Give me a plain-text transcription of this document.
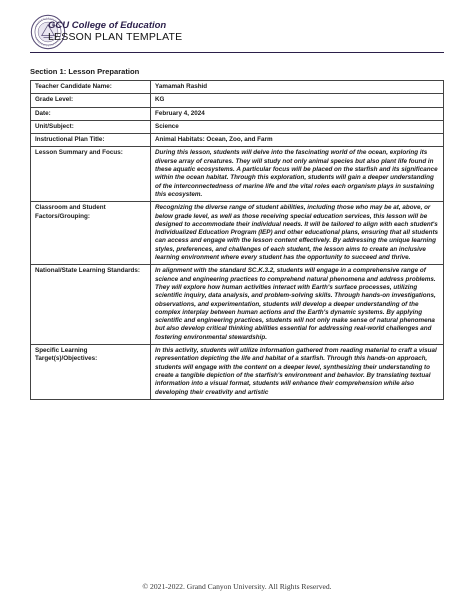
GCU College of Education
LESSON PLAN TEMPLATE
Section 1: Lesson Preparation
Teacher Candidate Name:	Yamamah Rashid
Grade Level:	KG
Date:	February 4, 2024
Unit/Subject:	Science
Instructional Plan Title:	Animal Habitats: Ocean, Zoo, and Farm
Lesson Summary and Focus:	During this lesson, students will delve into the fascinating world of the ocean, exploring its diverse array of creatures. They will study not only animal species but also plant life found in these aquatic ecosystems. A particular focus will be placed on the starfish and its significance within the ocean habitat. Through this exploration, students will gain a deeper understanding of the interconnectedness of marine life and the vital roles each organism plays in sustaining this ecosystem.
Classroom and Student Factors/Grouping:	Recognizing the diverse range of student abilities, including those who may be at, above, or below grade level, as well as those receiving special education services, this lesson will be designed to accommodate their individual needs. It will be tailored to align with each student's Individualized Education Program (IEP) and other educational plans, ensuring that all students can access and engage with the lesson content effectively. By addressing the unique learning styles, preferences, and challenges of each student, the lesson aims to create an inclusive learning environment where every student has the opportunity to succeed and thrive.
National/State Learning Standards:	In alignment with the standard SC.K.3.2, students will engage in a comprehensive range of science and engineering practices to comprehend natural phenomena and address problems. They will explore how human activities interact with Earth's surface processes, utilizing scientific inquiry, data analysis, and problem-solving skills. Through hands-on investigations, observations, and experimentation, students will develop a deeper understanding of the complex interplay between human actions and the Earth's dynamic systems. By applying scientific and engineering practices, students will not only make sense of natural phenomena but also develop critical thinking abilities essential for addressing real-world challenges and fostering environmental stewardship.
Specific Learning Target(s)/Objectives:	In this activity, students will utilize information gathered from reading material to craft a visual representation depicting the life and habitat of a starfish. Through this hands-on approach, students will engage with the content on a deeper level, synthesizing their understanding to create a tangible depiction of the starfish's environment and behavior. By translating textual information into a visual format, students will enhance their comprehension while also developing their creativity and artistic
© 2021-2022. Grand Canyon University. All Rights Reserved.
